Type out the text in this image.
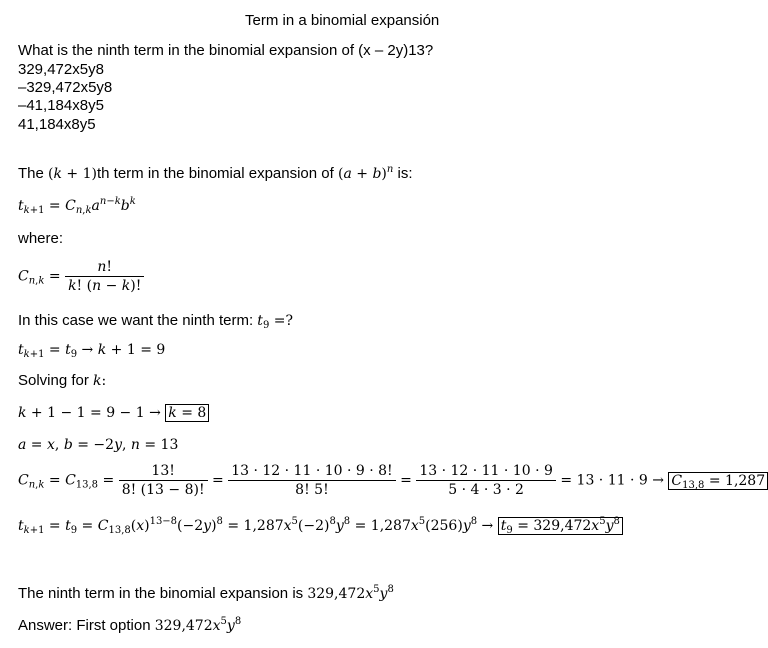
Term in a binomial expansión
What is the ninth term in the binomial expansion of (x – 2y)13?
329,472x5y8
–329,472x5y8
–41,184x8y5
41,184x8y5
The (k + 1)th term in the binomial expansion of $(a + b)^n$ is:
$t_{k+1} = C_{n,k}a^{n-k}b^k$
where:
$C_{n,k} = \frac{n!}{k! (n - k)!}$
In this case we want the ninth term: $t_9$ =?
$t_{k+1} = t_9 \to k + 1 = 9$
Solving for k:
k + 1 − 1 = 9 − 1 → k = 8
a = x, b = −2y, n = 13
$C_{n,k} = C_{13,8} = \frac{13!}{8! (13 - 8)!} = \frac{13 \cdot 12 \cdot 11 \cdot 10 \cdot 9 \cdot 8!}{8! 5!} = \frac{13 \cdot 12 \cdot 11 \cdot 10 \cdot 9}{5 \cdot 4 \cdot 3 \cdot 2} = 13 \cdot 11 \cdot 9 \to C_{13,8} = 1,287$
$t_{k+1} = t_9 = C_{13,8}(x)^{13-8}(-2y)^8 = 1,287x^5(-2)^8y^8 = 1,287x^5(256)y^8 \to t_9 = 329,472x^5y^8$
The ninth term in the binomial expansion is $329,472x^5y^8$
Answer: First option $329,472x^5y^8$
